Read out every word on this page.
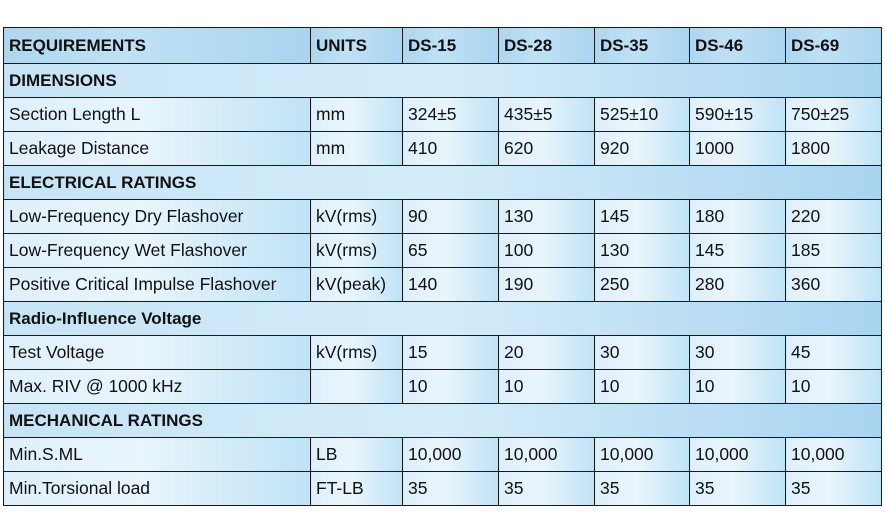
REQUIREMENTS	UNITS	DS-15	DS-28	DS-35	DS-46	DS-69
DIMENSIONS						
Section Length L	mm	324±5	435±5	525±10	590±15	750±25
Leakage Distance	mm	410	620	920	1000	1800
ELECTRICAL RATINGS						
Low-Frequency Dry Flashover	kV(rms)	90	130	145	180	220
Low-Frequency Wet Flashover	kV(rms)	65	100	130	145	185
Positive Critical Impulse Flashover	kV(peak)	140	190	250	280	360
Radio-Influence Voltage						
Test Voltage	kV(rms)	15	20	30	30	45
Max. RIV @ 1000 kHz		10	10	10	10	10
MECHANICAL RATINGS						
Min.S.ML	LB	10,000	10,000	10,000	10,000	10,000
Min.Torsional load	FT-LB	35	35	35	35	35
